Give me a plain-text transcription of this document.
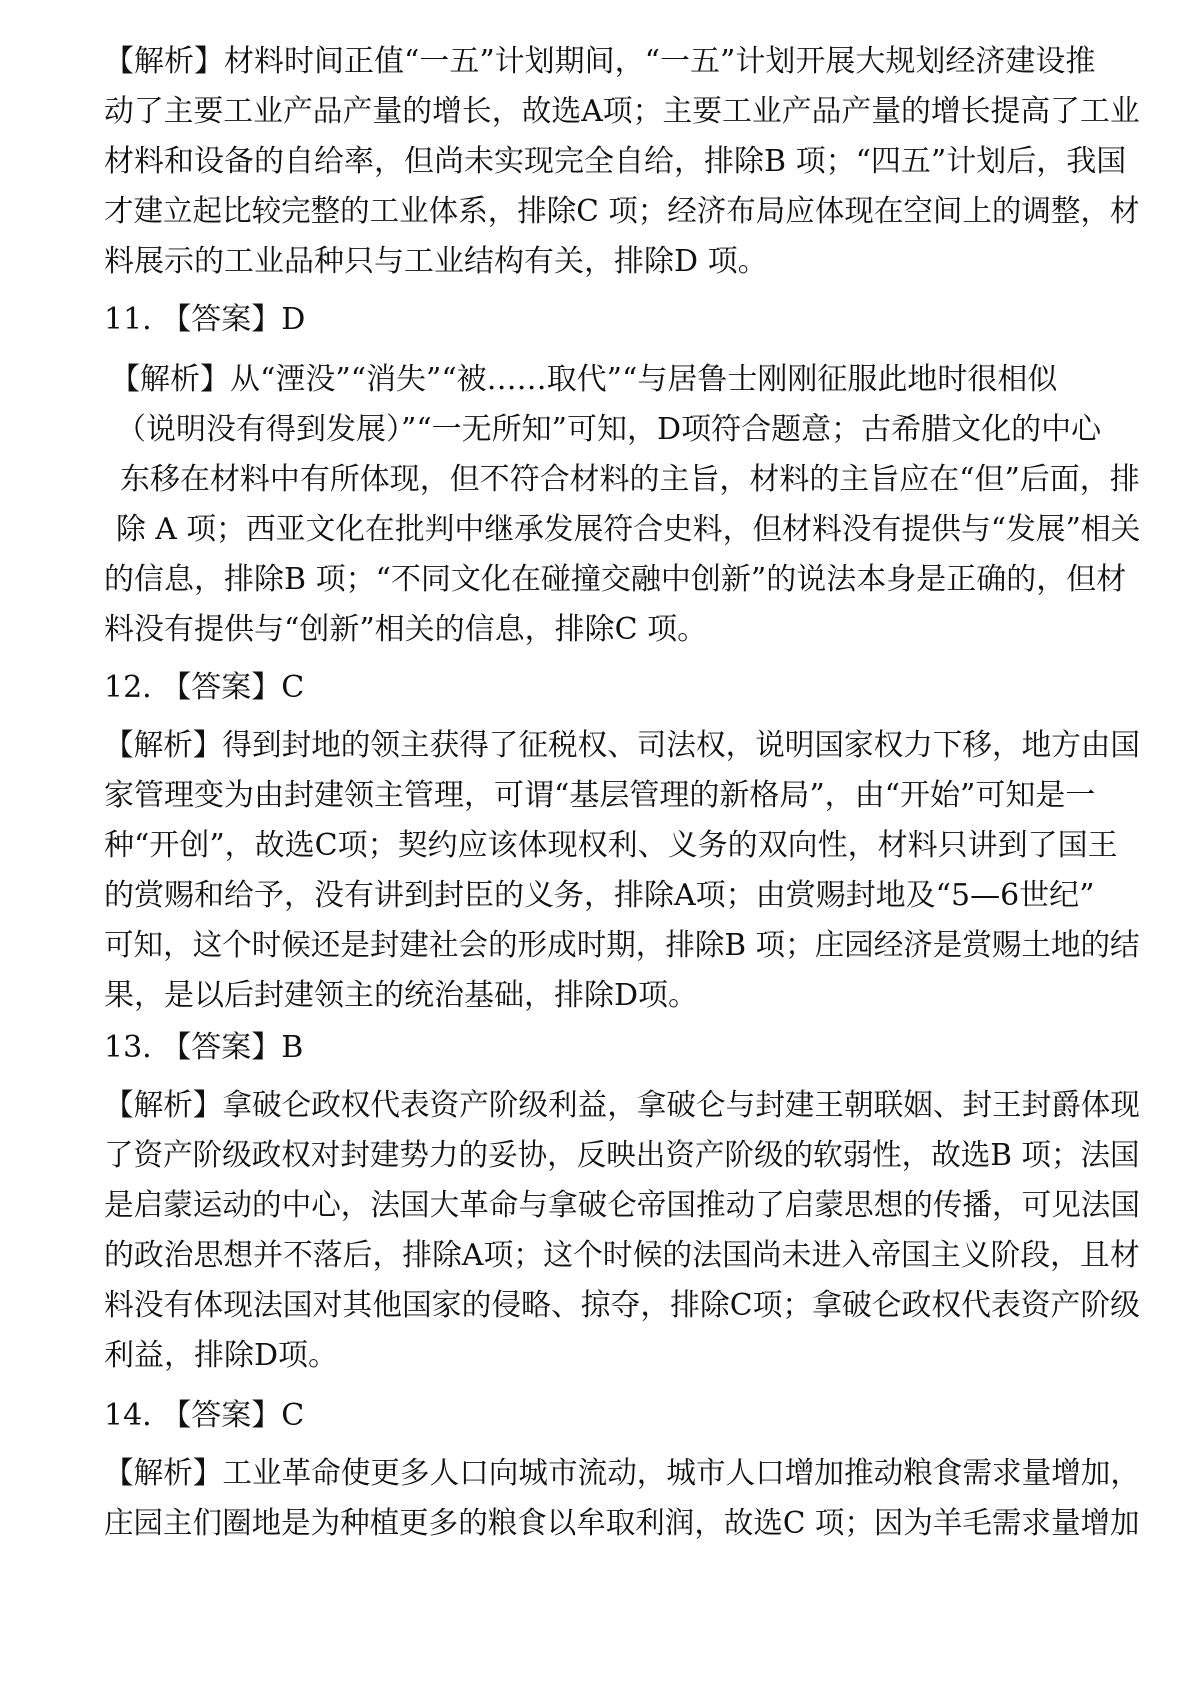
【解析】材料时间正值“一五”计划期间，“一五”计划开展大规划经济建设推
动了主要工业产品产量的增长，故选A项；主要工业产品产量的增长提高了工业
材料和设备的自给率，但尚未实现完全自给，排除B 项；“四五”计划后，我国
才建立起比较完整的工业体系，排除C 项；经济布局应体现在空间上的调整，材
料展示的工业品种只与工业结构有关，排除D 项。
11. 【答案】D
【解析】从“湮没”“消失”“被……取代”“与居鲁士刚刚征服此地时很相似
（说明没有得到发展）”“一无所知”可知，D项符合题意；古希腊文化的中心
东移在材料中有所体现，但不符合材料的主旨，材料的主旨应在“但”后面，排
除 A 项；西亚文化在批判中继承发展符合史料，但材料没有提供与“发展”相关
的信息，排除B 项；“不同文化在碰撞交融中创新”的说法本身是正确的，但材
料没有提供与“创新”相关的信息，排除C 项。
12. 【答案】C
【解析】得到封地的领主获得了征税权、司法权，说明国家权力下移，地方由国
家管理变为由封建领主管理，可谓“基层管理的新格局”，由“开始”可知是一
种“开创”，故选C项；契约应该体现权利、义务的双向性，材料只讲到了国王
的赏赐和给予，没有讲到封臣的义务，排除A项；由赏赐封地及“5—6世纪”
可知，这个时候还是封建社会的形成时期，排除B 项；庄园经济是赏赐土地的结
果，是以后封建领主的统治基础，排除D项。
13. 【答案】B
【解析】拿破仑政权代表资产阶级利益，拿破仑与封建王朝联姻、封王封爵体现
了资产阶级政权对封建势力的妥协，反映出资产阶级的软弱性，故选B 项；法国
是启蒙运动的中心，法国大革命与拿破仑帝国推动了启蒙思想的传播，可见法国
的政治思想并不落后，排除A项；这个时候的法国尚未进入帝国主义阶段，且材
料没有体现法国对其他国家的侵略、掠夺，排除C项；拿破仑政权代表资产阶级
利益，排除D项。
14. 【答案】C
【解析】工业革命使更多人口向城市流动，城市人口增加推动粮食需求量增加，
庄园主们圈地是为种植更多的粮食以牟取利润，故选C 项；因为羊毛需求量增加
